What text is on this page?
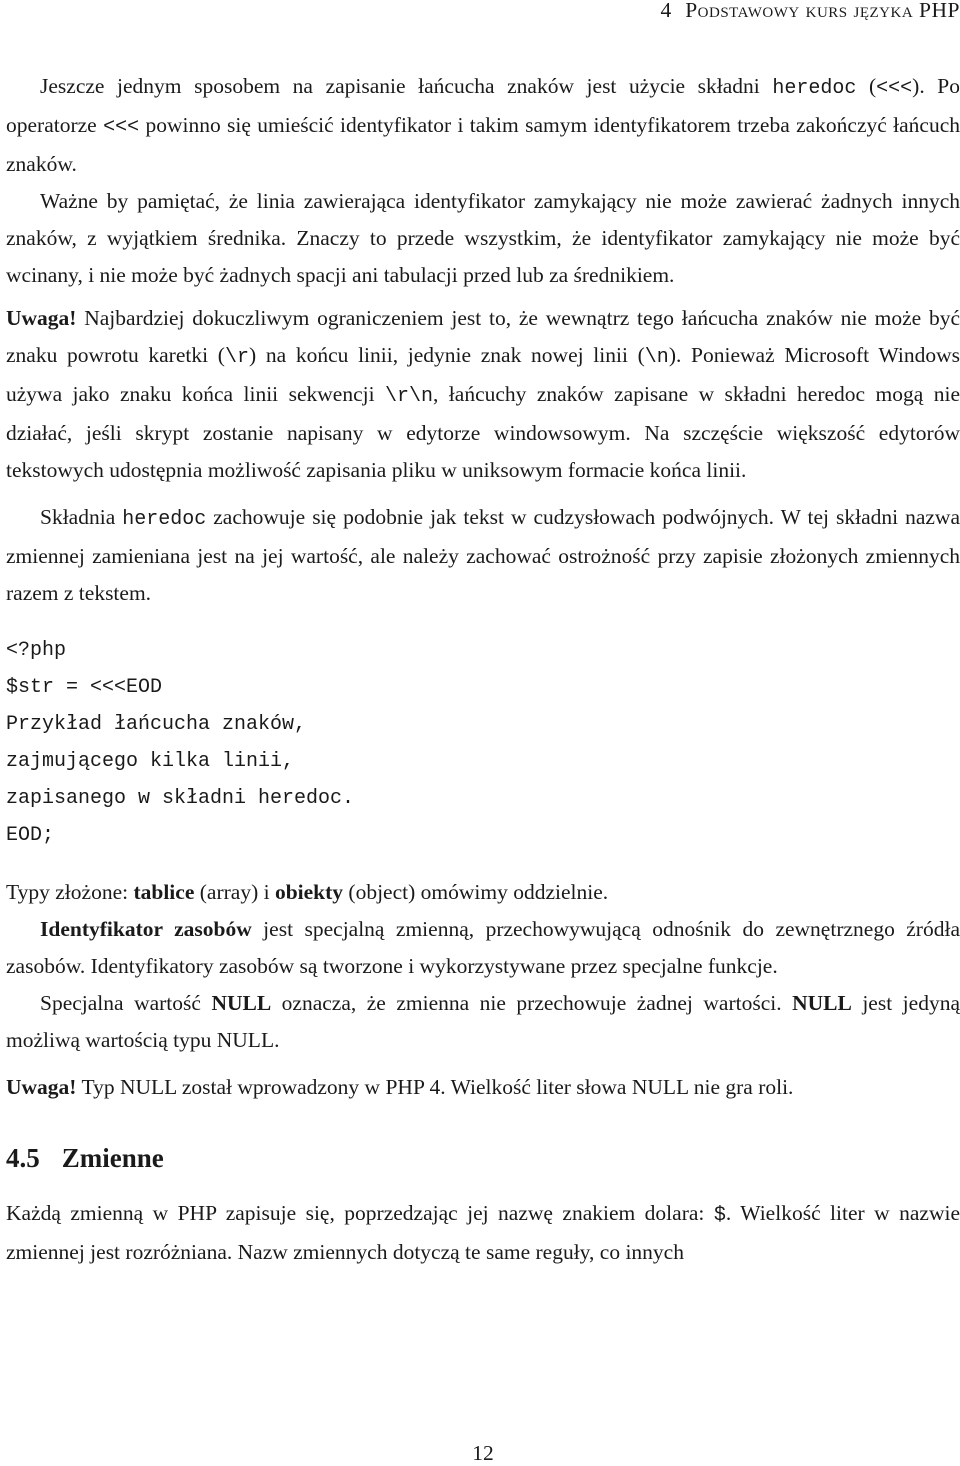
4 Podstawowy kurs języka PHP

Jeszcze jednym sposobem na zapisanie łańcucha znaków jest użycie składni heredoc (<<<). Po operatorze <<< powinno się umieścić identyfikator i takim samym identyfikatorem trzeba zakończyć łańcuch znaków.

Ważne by pamiętać, że linia zawierająca identyfikator zamykający nie może zawierać żadnych innych znaków, z wyjątkiem średnika. Znaczy to przede wszystkim, że identyfikator zamykający nie może być wcinany, i nie może być żadnych spacji ani tabulacji przed lub za średnikiem.

Uwaga! Najbardziej dokuczliwym ograniczeniem jest to, że wewnątrz tego łańcucha znaków nie może być znaku powrotu karetki (\r) na końcu linii, jedynie znak nowej linii (\n). Ponieważ Microsoft Windows używa jako znaku końca linii sekwencji \r\n, łańcuchy znaków zapisane w składni heredoc mogą nie działać, jeśli skrypt zostanie napisany w edytorze windowsowym. Na szczęście większość edytorów tekstowych udostępnia możliwość zapisania pliku w uniksowym formacie końca linii.

Składnia heredoc zachowuje się podobnie jak tekst w cudzysłowach podwójnych. W tej składni nazwa zmiennej zamieniana jest na jej wartość, ale należy zachować ostrożność przy zapisie złożonych zmiennych razem z tekstem.

<?php
$str = <<<EOD
Przykład łańcucha znaków,
zajmującego kilka linii,
zapisanego w składni heredoc.
EOD;

Typy złożone: tablice (array) i obiekty (object) omówimy oddzielnie.

Identyfikator zasobów jest specjalną zmienną, przechowywującą odnośnik do zewnętrznego źródła zasobów. Identyfikatory zasobów są tworzone i wykorzystywane przez specjalne funkcje.

Specjalna wartość NULL oznacza, że zmienna nie przechowuje żadnej wartości. NULL jest jedyną możliwą wartością typu NULL.

Uwaga! Typ NULL został wprowadzony w PHP 4. Wielkość liter słowa NULL nie gra roli.

4.5 Zmienne

Każdą zmienną w PHP zapisuje się, poprzedzając jej nazwę znakiem dolara: $. Wielkość liter w nazwie zmiennej jest rozróżniana. Nazw zmiennych dotyczą te same reguły, co innych

12
